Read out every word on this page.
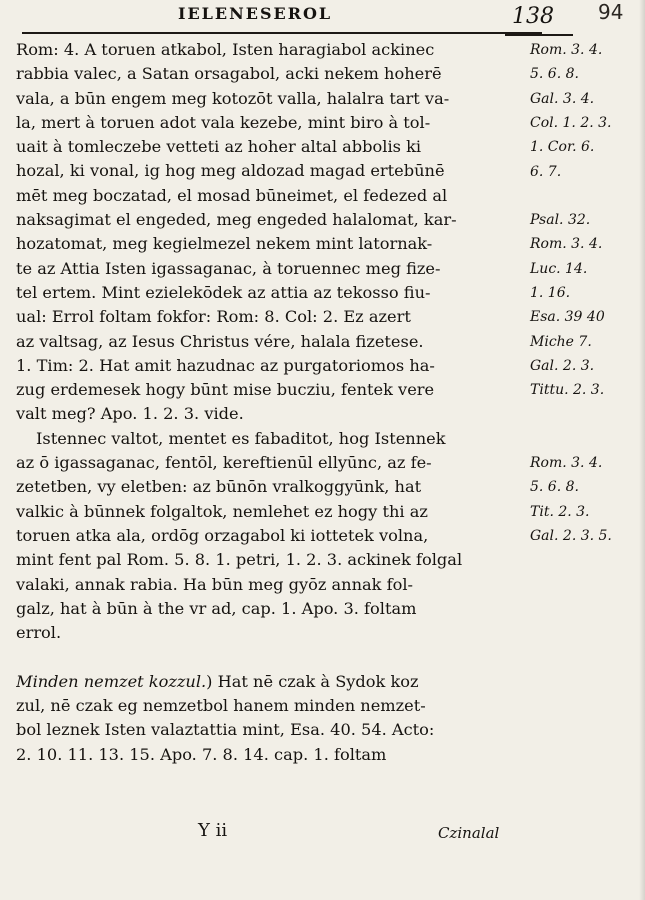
IELENESEROL	138 94
Rom: 4. A toruen atkabol, Isten haragiabol ackinec
rabbia valec, a Satan orsagabol, acki nekem hoherē
vala, a būn engem meg kotozōt valla, halalra tart va-
la, mert à toruen adot vala kezebe, mint biro à tol-
uait à tomleczebe vetteti az hoher altal abbolis ki
hozal, ki vonal, ig hog meg aldozad magad ertebūnē
mēt meg boczatad, el mosad būneimet, el fedezed al
naksagimat el engeded, meg engeded halalomat, kar-
hozatomat, meg kegielmezel nekem mint latornak-
te az Attia Isten igassaganac, à toruennec meg fize-
tel ertem. Mint ezielekōdek az attia az tekosso fiu-
ual: Errol foltam fokfor: Rom: 8. Col: 2. Ez azert
az valtsag, az Iesus Christus vére, halala fizetese.
1. Tim: 2. Hat amit hazudnac az purgatoriomos ha-
zug erdemesek hogy būnt mise bucziu, fentek vere
valt meg? Apo. 1. 2. 3. vide.
Istennec valtot, mentet es fabaditot, hog Istennek
az ō igassaganac, fentōl, kereftienūl ellyūnc, az fe-
zetetben, vy eletben: az būnōn vralkoggyūnk, hat
valkic à būnnek folgaltok, nemlehet ez hogy thi az
toruen atka ala, ordōg orzagabol ki iottetek volna,
mint fent pal Rom. 5. 8. 1. petri, 1. 2. 3. ackinek folgal
valaki, annak rabia. Ha būn meg gyōz annak fol-
galz, hat à būn à the vr ad, cap. 1. Apo. 3. foltam
errol.

Minden nemzet kozzul.) Hat nē czak à Sydok koz
zul, nē czak eg nemzetbol hanem minden nemzet-
bol leznek Isten valaztattia mint, Esa. 40. 54. Acto:
2. 10. 11. 13. 15. Apo. 7. 8. 14. cap. 1. foltam
Rom. 3. 4.
5. 6. 8.
Gal. 3. 4.
Col. 1. 2. 3.
1. Cor. 6.
6. 7.
Psal. 32.
Rom. 3. 4.
Luc. 14.
1. 16.
Esa. 39 40
Miche 7.
Gal. 2. 3.
Tittu. 2. 3.
Rom. 3. 4.
5. 6. 8.
Tit. 2. 3.
Gal. 2. 3. 5.
Y ii	Czinalal
